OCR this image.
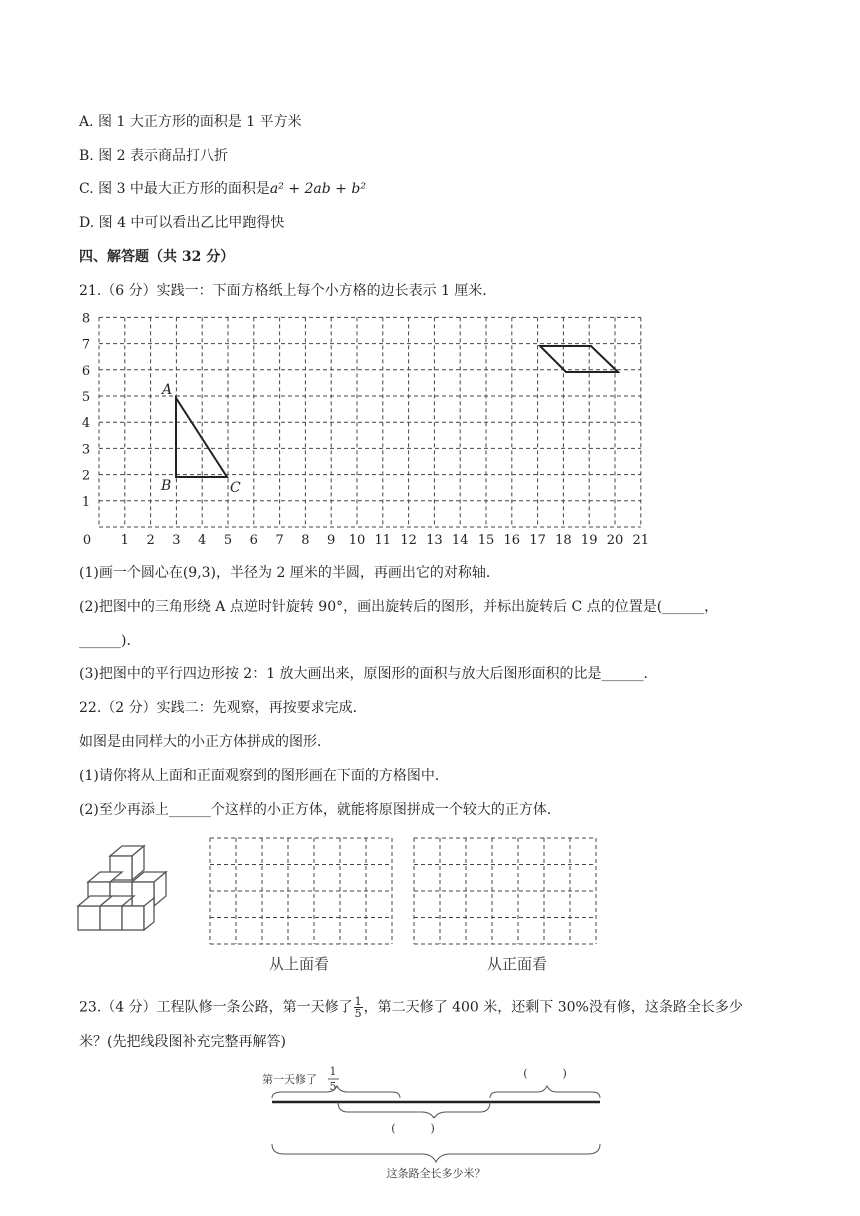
A. 图 1 大正方形的面积是 1 平方米
B. 图 2 表示商品打八折
C. 图 3 中最大正方形的面积是a² + 2ab + b²
D. 图 4 中可以看出乙比甲跑得快
四、解答题（共 32 分）
21.（6 分）实践一：下面方格纸上每个小方格的边长表示 1 厘米．
0 1 2 3 4 5 6 7 8 9 10 11 12 13 14 15 16 17 18 19 20 21
1
2
3
4
5
6
7
8
A
B	C
(1)画一个圆心在(9,3)，半径为 2 厘米的半圆，再画出它的对称轴．
(2)把图中的三角形绕 A 点逆时针旋转 90°，画出旋转后的图形，并标出旋转后 C 点的位置是(______，
______)．
(3)把图中的平行四边形按 2：1 放大画出来，原图形的面积与放大后图形面积的比是______．
22.（2 分）实践二：先观察，再按要求完成．
如图是由同样大的小正方体拼成的图形．
(1)请你将从上面和正面观察到的图形画在下面的方格图中．
(2)至少再添上______个这样的小正方体，就能将原图拼成一个较大的正方体．
从上面看	从正面看
23.（4 分）工程队修一条公路，第一天修了 $\frac{1}{5}$ ，第二天修了 400 米，还剩下 30%没有修，这条路全长多少
米？(先把线段图补充完整再解答)
第一天修了
1
5
(          )
(          )
这条路全长多少米？
